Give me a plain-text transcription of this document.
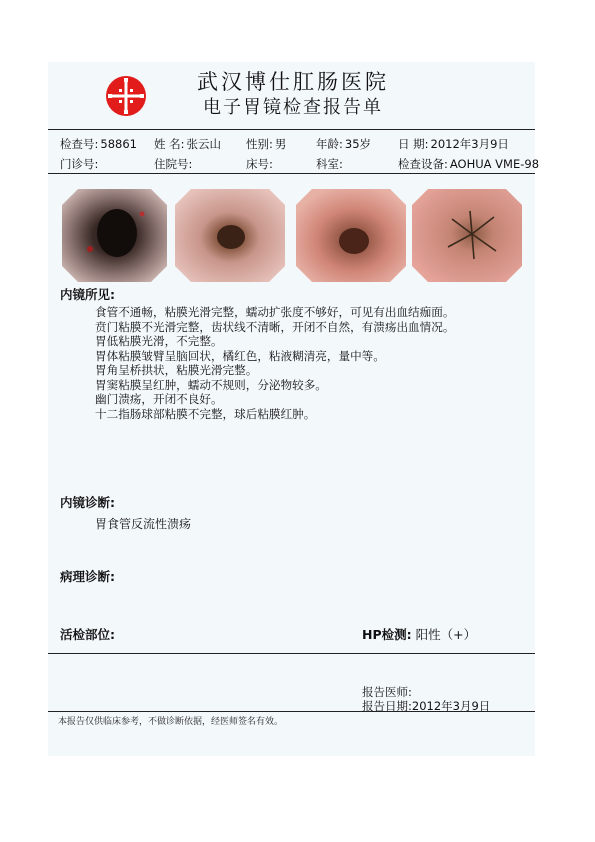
武汉博仕肛肠医院
电子胃镜检查报告单
检查号: 58861 姓 名: 张云山 性别: 男	年龄: 35岁 日 期: 2012年3月9日
门诊号:	住院号:	床号:	科室:	检查设备: AOHUA VME-98
内镜所见:
食管不通畅，粘膜光滑完整，蠕动扩张度不够好，可见有出血结痂面。
贲门粘膜不光滑完整，齿状线不清晰，开闭不自然，有溃疡出血情况。
胃低粘膜光滑，不完整。
胃体粘膜皱臂呈脑回状，橘红色，粘液糊清亮，量中等。
胃角呈桥拱状，粘膜光滑完整。
胃窦粘膜呈红肿，蠕动不规则，分泌物较多。
幽门溃疡，开闭不良好。
十二指肠球部粘膜不完整，球后粘膜红肿。
内镜诊断:
胃食管反流性溃疡
病理诊断:
活检部位:	HP检测: 阳性（+）
报告医师:
报告日期:2012年3月9日
本报告仅供临床参考，不做诊断依据，经医师签名有效。
